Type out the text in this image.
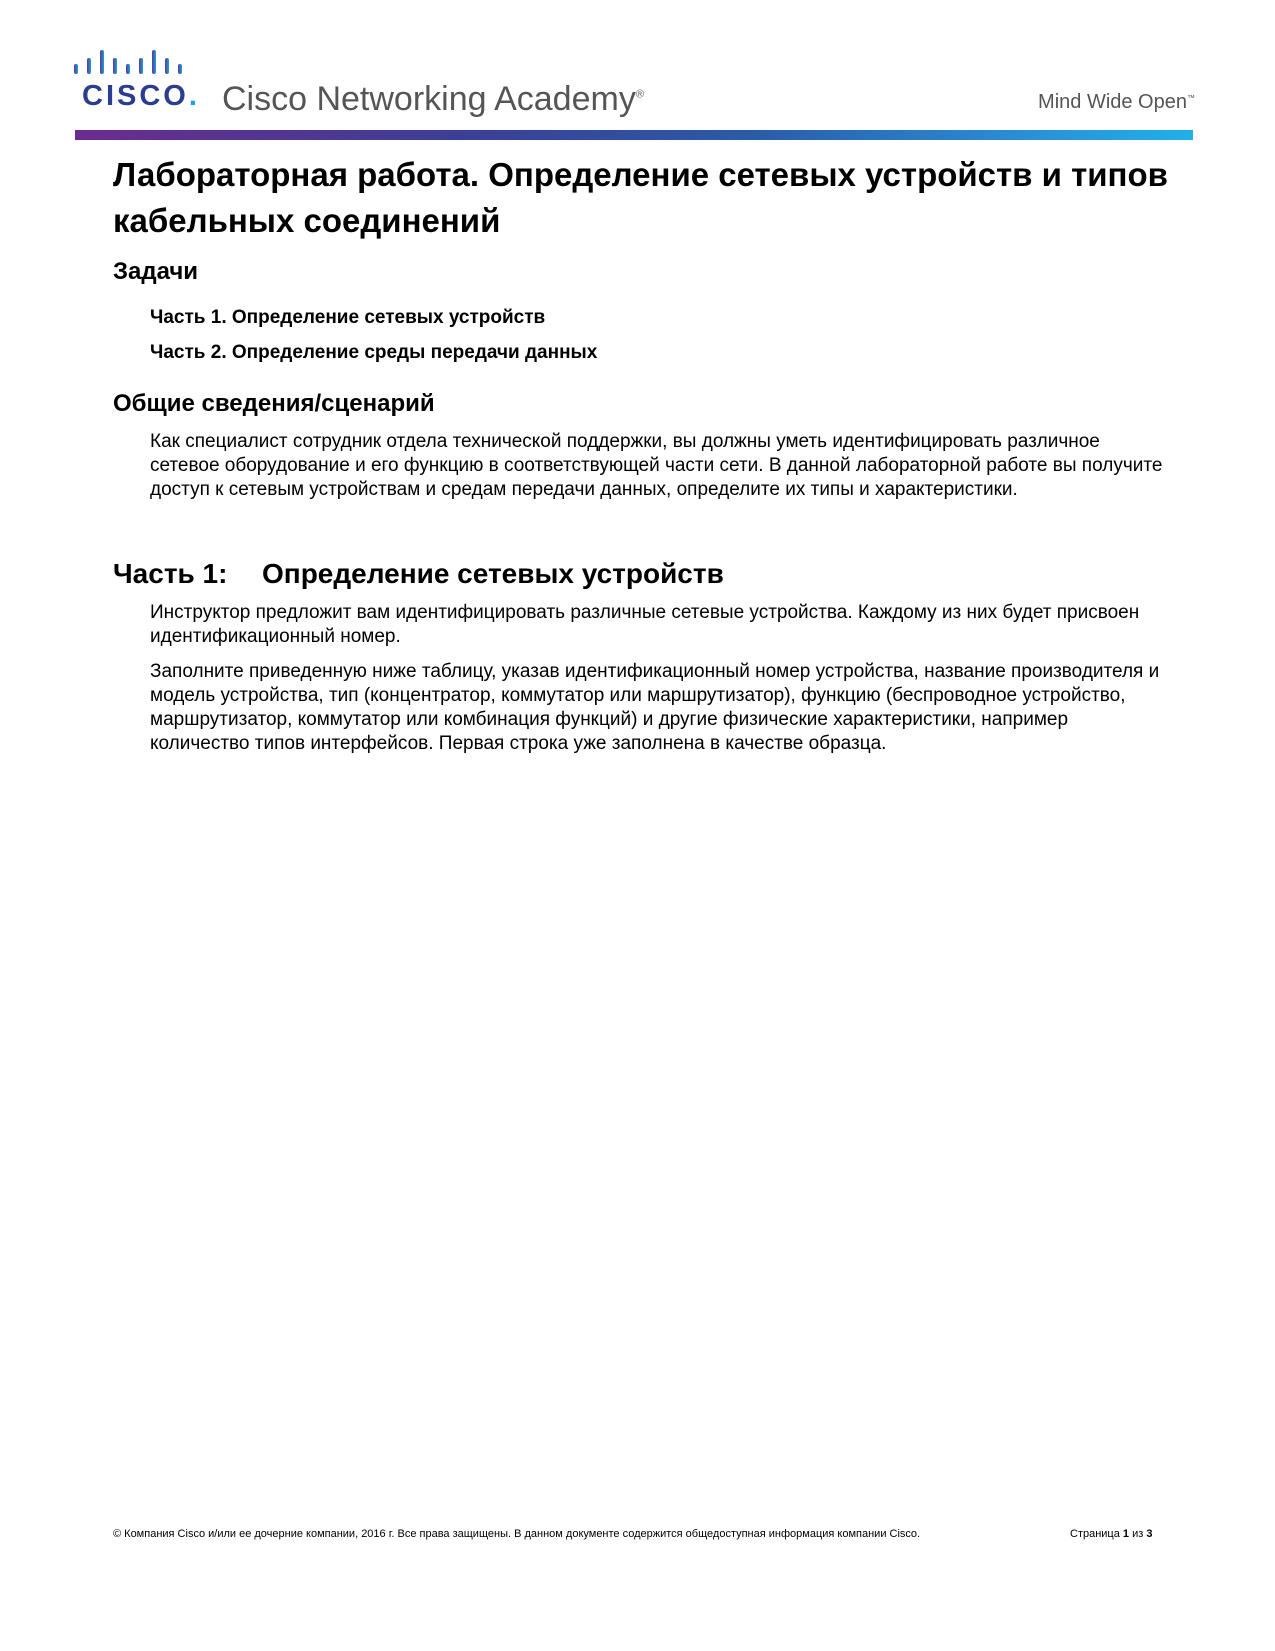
CISCO. Cisco Networking Academy®	Mind Wide Open™
Лабораторная работа. Определение сетевых устройств и типов кабельных соединений
Задачи
Часть 1. Определение сетевых устройств
Часть 2. Определение среды передачи данных
Общие сведения/сценарий

Как специалист сотрудник отдела технической поддержки, вы должны уметь идентифицировать различное сетевое оборудование и его функцию в соответствующей части сети. В данной лабораторной работе вы получите доступ к сетевым устройствам и средам передачи данных, определите их типы и характеристики.

Часть 1: Определение сетевых устройств

Инструктор предложит вам идентифицировать различные сетевые устройства. Каждому из них будет присвоен идентификационный номер.

Заполните приведенную ниже таблицу, указав идентификационный номер устройства, название производителя и модель устройства, тип (концентратор, коммутатор или маршрутизатор), функцию (беспроводное устройство, маршрутизатор, коммутатор или комбинация функций) и другие физические характеристики, например количество типов интерфейсов. Первая строка уже заполнена в качестве образца.

© Компания Cisco и/или ее дочерние компании, 2016 г. Все права защищены. В данном документе содержится общедоступная информация компании Cisco.	Страница 1 из 3
